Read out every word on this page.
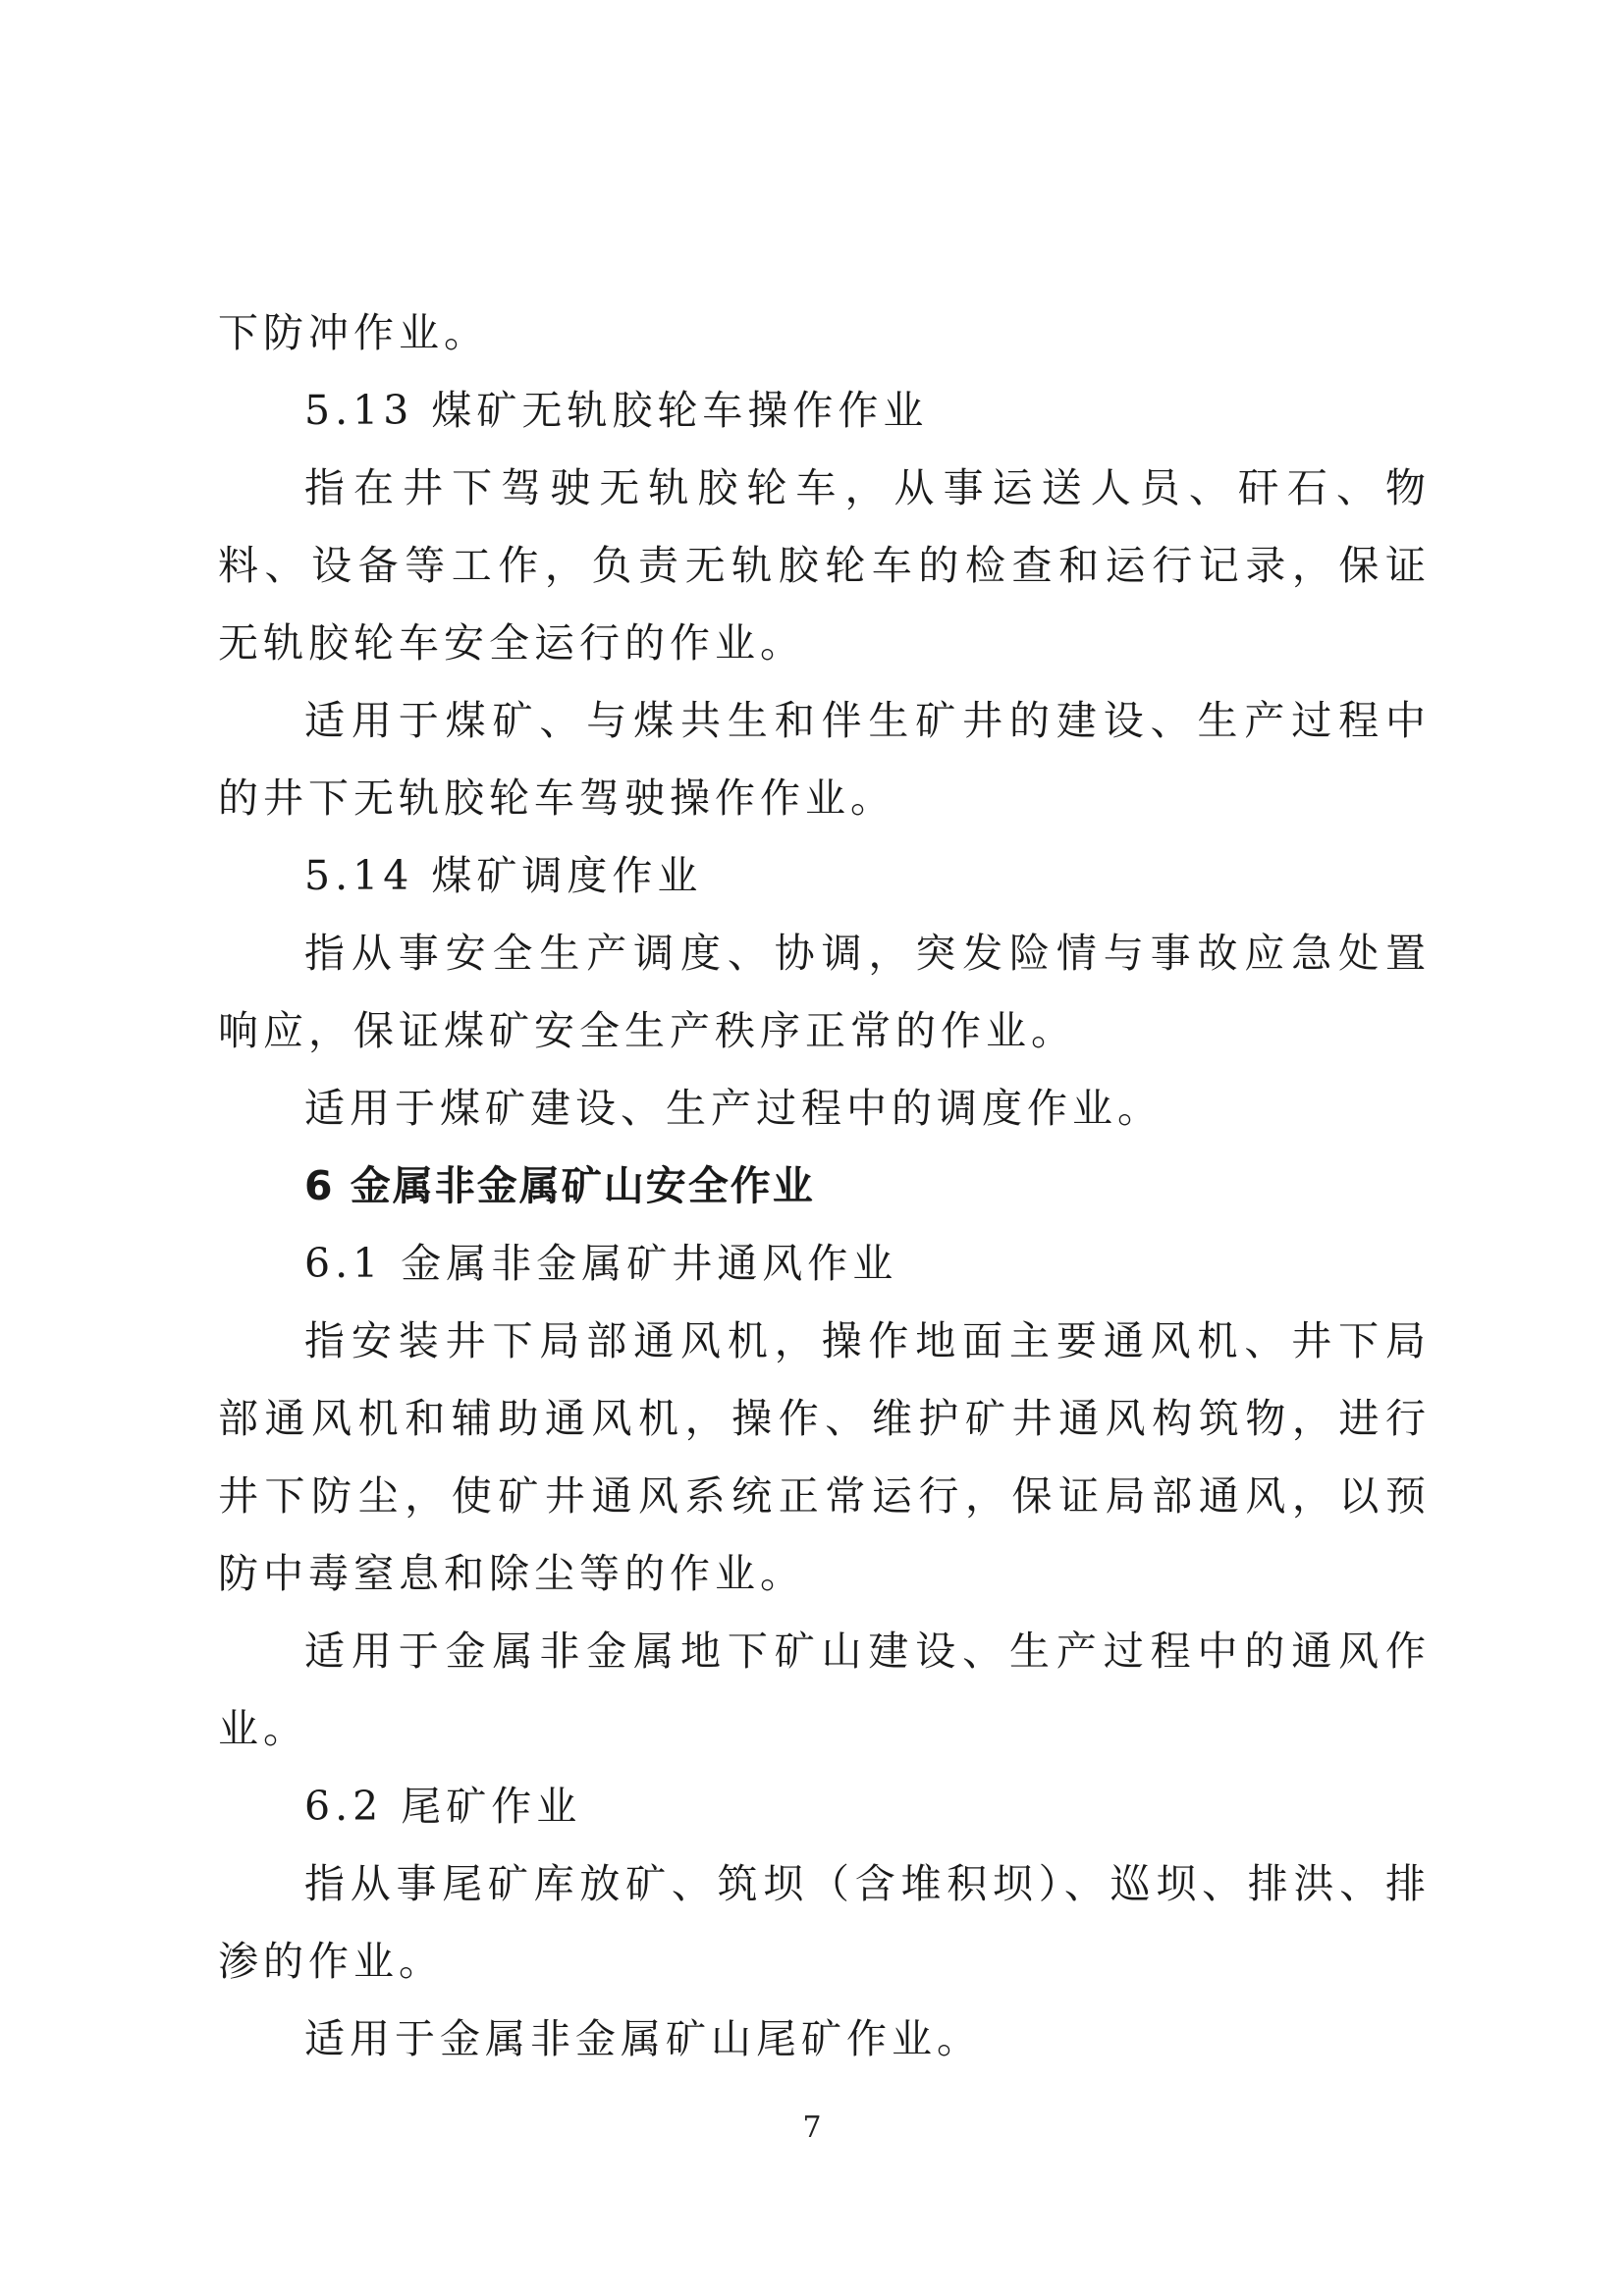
下防冲作业。

5.13 煤矿无轨胶轮车操作作业

指在井下驾驶无轨胶轮车，从事运送人员、矸石、物料、设备等工作，负责无轨胶轮车的检查和运行记录，保证无轨胶轮车安全运行的作业。

适用于煤矿、与煤共生和伴生矿井的建设、生产过程中的井下无轨胶轮车驾驶操作作业。

5.14 煤矿调度作业

指从事安全生产调度、协调，突发险情与事故应急处置响应，保证煤矿安全生产秩序正常的作业。

适用于煤矿建设、生产过程中的调度作业。

6 金属非金属矿山安全作业

6.1 金属非金属矿井通风作业

指安装井下局部通风机，操作地面主要通风机、井下局部通风机和辅助通风机，操作、维护矿井通风构筑物，进行井下防尘，使矿井通风系统正常运行，保证局部通风，以预防中毒窒息和除尘等的作业。

适用于金属非金属地下矿山建设、生产过程中的通风作业。

6.2 尾矿作业

指从事尾矿库放矿、筑坝（含堆积坝）、巡坝、排洪、排渗的作业。

适用于金属非金属矿山尾矿作业。

7
